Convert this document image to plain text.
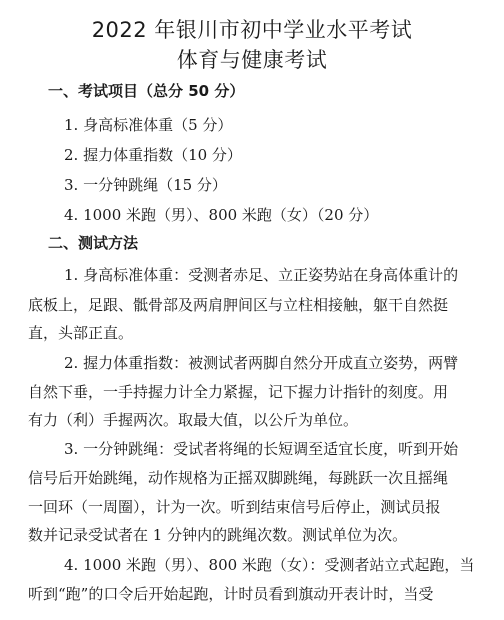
2022 年银川市初中学业水平考试
体育与健康考试
一、考试项目（总分 50 分）
1. 身高标准体重（5 分）
2. 握力体重指数（10 分）
3. 一分钟跳绳（15 分）
4. 1000 米跑（男）、800 米跑（女）（20 分）
二、测试方法
1. 身高标准体重：受测者赤足、立正姿势站在身高体重计的
底板上，足跟、骶骨部及两肩胛间区与立柱相接触，躯干自然挺
直，头部正直。
2. 握力体重指数：被测试者两脚自然分开成直立姿势，两臂
自然下垂，一手持握力计全力紧握，记下握力计指针的刻度。用
有力（利）手握两次。取最大值，以公斤为单位。
3. 一分钟跳绳：受试者将绳的长短调至适宜长度，听到开始
信号后开始跳绳，动作规格为正摇双脚跳绳，每跳跃一次且摇绳
一回环（一周圈），计为一次。听到结束信号后停止，测试员报
数并记录受试者在 1 分钟内的跳绳次数。测试单位为次。
4. 1000 米跑（男）、800 米跑（女）：受测者站立式起跑，当
听到“跑”的口令后开始起跑，计时员看到旗动开表计时，当受
